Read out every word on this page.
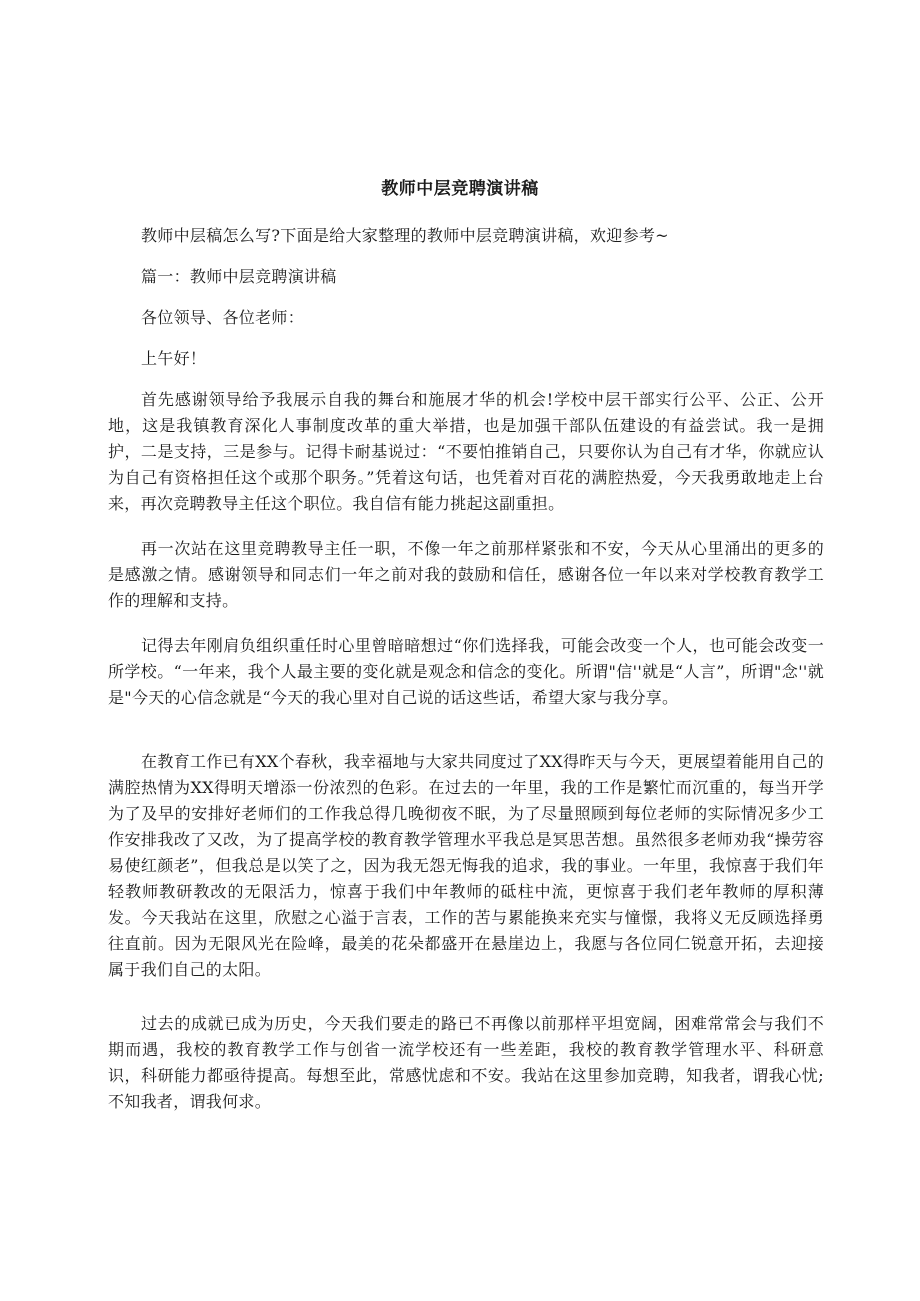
教师中层竞聘演讲稿

教师中层稿怎么写?下面是给大家整理的教师中层竞聘演讲稿，欢迎参考~

篇一：教师中层竞聘演讲稿

各位领导、各位老师：

上午好！

首先感谢领导给予我展示自我的舞台和施展才华的机会!学校中层干部实行公平、公正、公开地，这是我镇教育深化人事制度改革的重大举措，也是加强干部队伍建设的有益尝试。我一是拥护，二是支持，三是参与。记得卡耐基说过：“不要怕推销自己，只要你认为自己有才华，你就应认为自己有资格担任这个或那个职务。”凭着这句话，也凭着对百花的满腔热爱，今天我勇敢地走上台来，再次竞聘教导主任这个职位。我自信有能力挑起这副重担。

再一次站在这里竞聘教导主任一职，不像一年之前那样紧张和不安，今天从心里涌出的更多的是感激之情。感谢领导和同志们一年之前对我的鼓励和信任，感谢各位一年以来对学校教育教学工作的理解和支持。

记得去年刚肩负组织重任时心里曾暗暗想过“你们选择我，可能会改变一个人，也可能会改变一所学校。“一年来，我个人最主要的变化就是观念和信念的变化。所谓"信''就是“人言”，所谓"念''就是"今天的心信念就是“今天的我心里对自己说的话这些话，希望大家与我分享。

在教育工作已有XX个春秋，我幸福地与大家共同度过了XX得昨天与今天，更展望着能用自己的满腔热情为XX得明天增添一份浓烈的色彩。在过去的一年里，我的工作是繁忙而沉重的，每当开学为了及早的安排好老师们的工作我总得几晚彻夜不眠，为了尽量照顾到每位老师的实际情况多少工作安排我改了又改，为了提高学校的教育教学管理水平我总是冥思苦想。虽然很多老师劝我“操劳容易使红颜老”，但我总是以笑了之，因为我无怨无悔我的追求，我的事业。一年里，我惊喜于我们年轻教师教研教改的无限活力，惊喜于我们中年教师的砥柱中流，更惊喜于我们老年教师的厚积薄发。今天我站在这里，欣慰之心溢于言表，工作的苦与累能换来充实与憧憬，我将义无反顾选择勇往直前。因为无限风光在险峰，最美的花朵都盛开在悬崖边上，我愿与各位同仁锐意开拓，去迎接属于我们自己的太阳。

过去的成就已成为历史，今天我们要走的路已不再像以前那样平坦宽阔，困难常常会与我们不期而遇，我校的教育教学工作与创省一流学校还有一些差距，我校的教育教学管理水平、科研意识，科研能力都亟待提高。每想至此，常感忧虑和不安。我站在这里参加竞聘，知我者，谓我心忧;不知我者，谓我何求。
